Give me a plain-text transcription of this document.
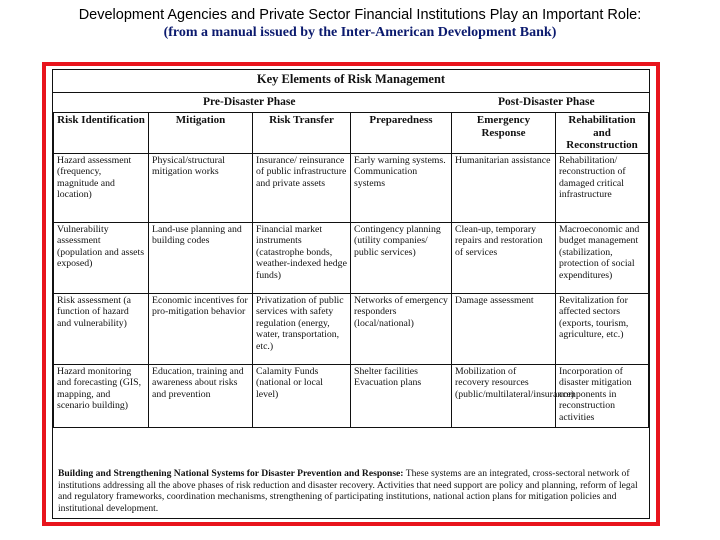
Development Agencies and Private Sector Financial Institutions Play an Important Role:
(from a manual issued by the Inter-American Development Bank)
Key Elements of Risk Management
Pre-Disaster Phase	Post-Disaster Phase
Risk Identification	Mitigation	Risk Transfer	Preparedness	Emergency Response	Rehabilitation and Reconstruction
Hazard assessment (frequency, magnitude and location)	Physical/structural mitigation works	Insurance/ reinsurance of public infrastructure and private assets	Early warning systems. Communication systems	Humanitarian assistance	Rehabilitation/ reconstruction of damaged critical infrastructure
Vulnerability assessment (population and assets exposed)	Land-use planning and building codes	Financial market instruments (catastrophe bonds, weather-indexed hedge funds)	Contingency planning (utility companies/ public services)	Clean-up, temporary repairs and restoration of services	Macroeconomic and budget management (stabilization, protection of social expenditures)
Risk assessment (a function of hazard and vulnerability)	Economic incentives for pro-mitigation behavior	Privatization of public services with safety regulation (energy, water, transportation, etc.)	Networks of emergency responders (local/national)	Damage assessment	Revitalization for affected sectors (exports, tourism, agriculture, etc.)
Hazard monitoring and forecasting (GIS, mapping, and scenario building)	Education, training and awareness about risks and prevention	Calamity Funds (national or local level)	Shelter facilities Evacuation plans	Mobilization of recovery resources (public/multilateral/insurance)	Incorporation of disaster mitigation components in reconstruction activities
Building and Strengthening National Systems for Disaster Prevention and Response: These systems are an integrated, cross-sectoral network of institutions addressing all the above phases of risk reduction and disaster recovery. Activities that need support are policy and planning, reform of legal and regulatory frameworks, coordination mechanisms, strengthening of participating institutions, national action plans for mitigation policies and institutional development.
